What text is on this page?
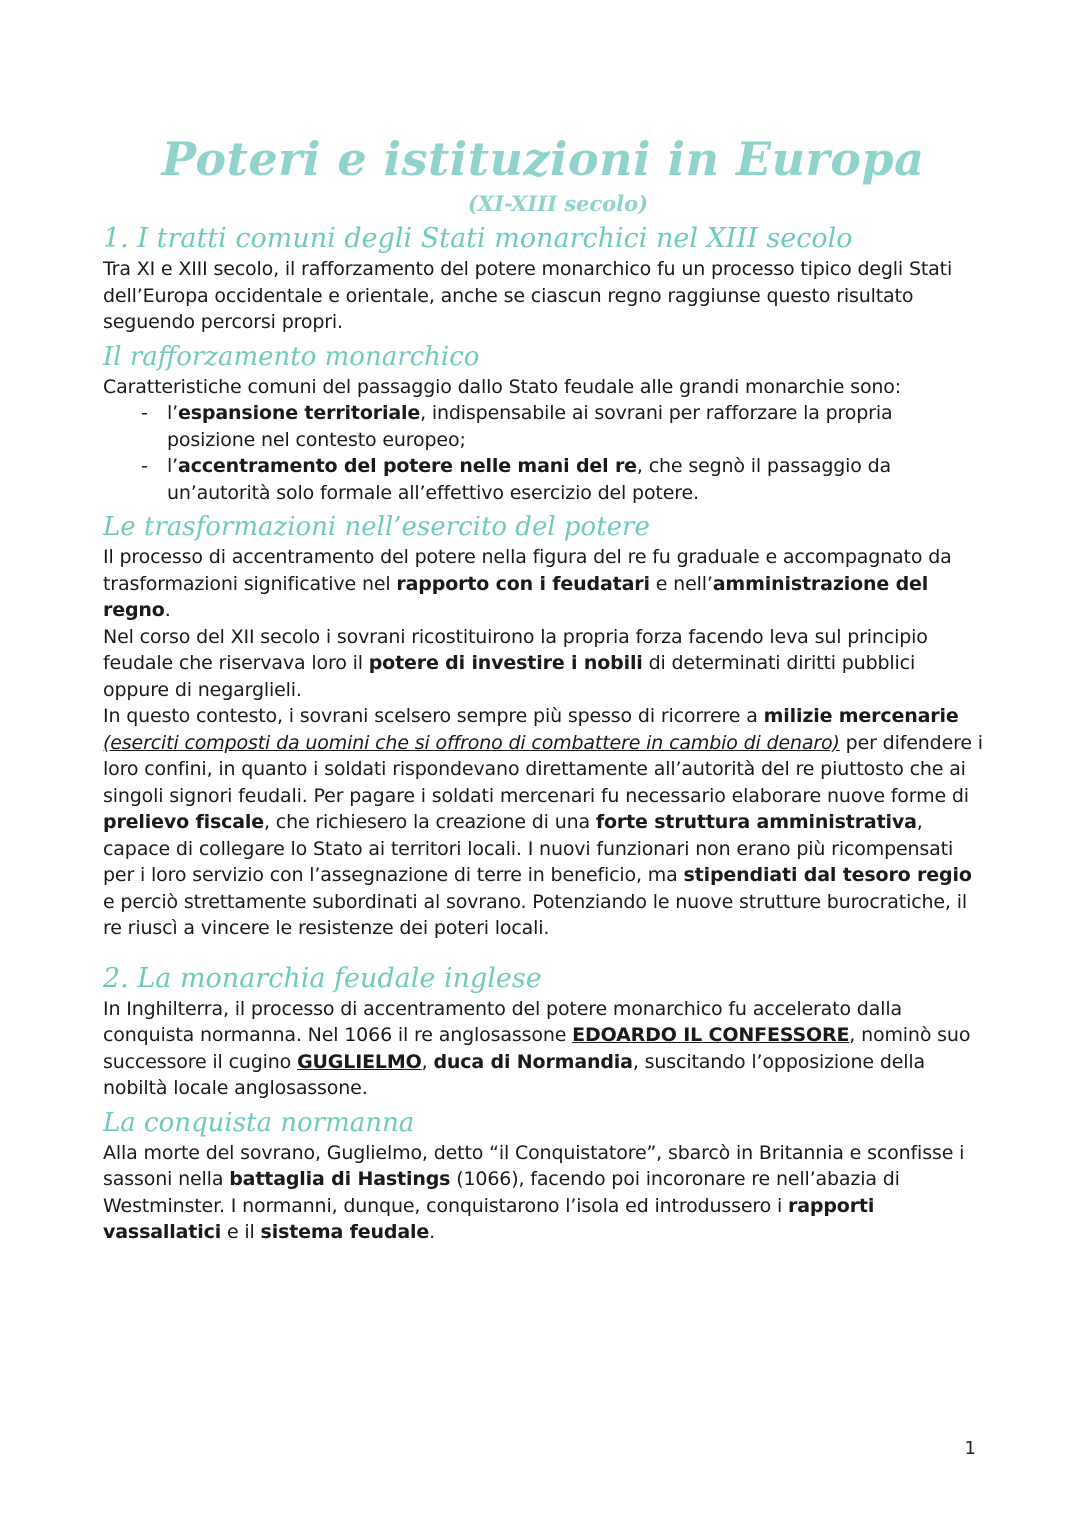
Poteri e istituzioni in Europa
(XI-XIII secolo)
1. I tratti comuni degli Stati monarchici nel XIII secolo

Tra XI e XIII secolo, il rafforzamento del potere monarchico fu un processo tipico degli Stati dell’Europa occidentale e orientale, anche se ciascun regno raggiunse questo risultato seguendo percorsi propri.

Il rafforzamento monarchico

Caratteristiche comuni del passaggio dallo Stato feudale alle grandi monarchie sono:

- l’espansione territoriale, indispensabile ai sovrani per rafforzare la propria posizione nel contesto europeo;
- l’accentramento del potere nelle mani del re, che segnò il passaggio da un’autorità solo formale all’effettivo esercizio del potere.
Le trasformazioni nell’esercito del potere

Il processo di accentramento del potere nella figura del re fu graduale e accompagnato da trasformazioni significative nel rapporto con i feudatari e nell’amministrazione del regno.

Nel corso del XII secolo i sovrani ricostituirono la propria forza facendo leva sul principio feudale che riservava loro il potere di investire i nobili di determinati diritti pubblici oppure di negarglieli.

In questo contesto, i sovrani scelsero sempre più spesso di ricorrere a milizie mercenarie (eserciti composti da uomini che si offrono di combattere in cambio di denaro) per difendere i loro confini, in quanto i soldati rispondevano direttamente all’autorità del re piuttosto che ai singoli signori feudali. Per pagare i soldati mercenari fu necessario elaborare nuove forme di prelievo fiscale, che richiesero la creazione di una forte struttura amministrativa, capace di collegare lo Stato ai territori locali. I nuovi funzionari non erano più ricompensati per i loro servizio con l’assegnazione di terre in beneficio, ma stipendiati dal tesoro regio e perciò strettamente subordinati al sovrano. Potenziando le nuove strutture burocratiche, il re riuscì a vincere le resistenze dei poteri locali.

2. La monarchia feudale inglese

In Inghilterra, il processo di accentramento del potere monarchico fu accelerato dalla conquista normanna. Nel 1066 il re anglosassone EDOARDO IL CONFESSORE, nominò suo successore il cugino GUGLIELMO, duca di Normandia, suscitando l’opposizione della nobiltà locale anglosassone.

La conquista normanna

Alla morte del sovrano, Guglielmo, detto “il Conquistatore”, sbarcò in Britannia e sconfisse i sassoni nella battaglia di Hastings (1066), facendo poi incoronare re nell’abazia di Westminster. I normanni, dunque, conquistarono l’isola ed introdussero i rapporti vassallatici e il sistema feudale.

1
